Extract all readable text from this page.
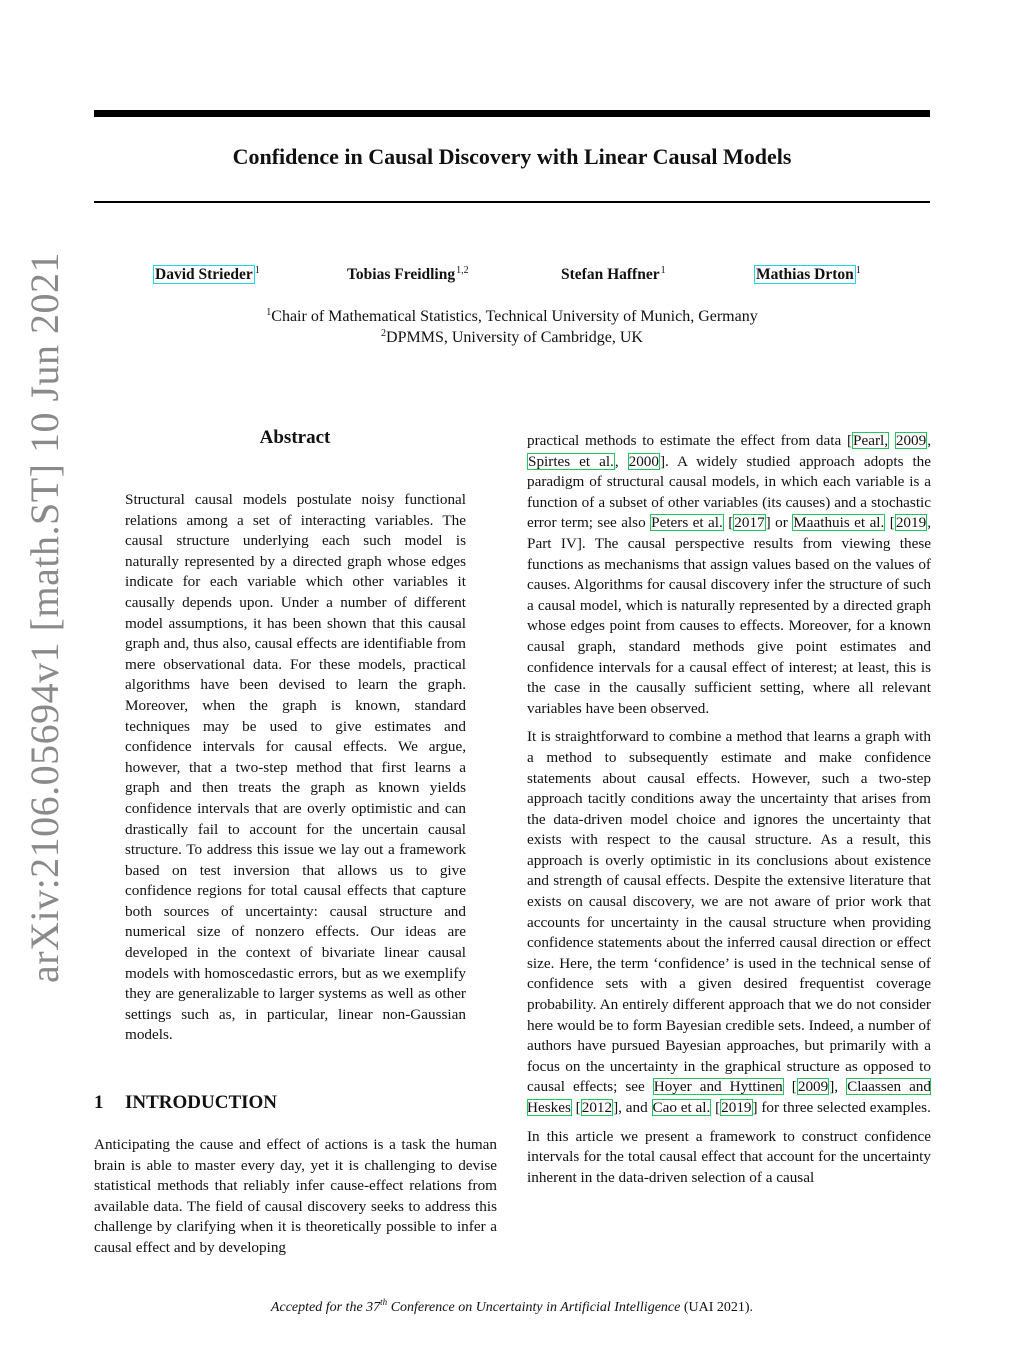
arXiv:2106.05694v1 [math.ST] 10 Jun 2021
Confidence in Causal Discovery with Linear Causal Models
David Strieder $^1$	Tobias Freidling$^{1,2}$	Stefan Haffner$^1$	Mathias Drton $^1$
$^1$Chair of Mathematical Statistics, Technical University of Munich, Germany
$^2$DPMMS, University of Cambridge, UK
Abstract
Structural causal models postulate noisy functional relations among a set of interacting variables. The causal structure underlying each such model is naturally represented by a directed graph whose edges indicate for each variable which other variables it causally depends upon. Under a number of different model assumptions, it has been shown that this causal graph and, thus also, causal effects are identifiable from mere observational data. For these models, practical algorithms have been devised to learn the graph. Moreover, when the graph is known, standard techniques may be used to give estimates and confidence intervals for causal effects. We argue, however, that a two-step method that first learns a graph and then treats the graph as known yields confidence intervals that are overly optimistic and can drastically fail to account for the uncertain causal structure. To address this issue we lay out a framework based on test inversion that allows us to give confidence regions for total causal effects that capture both sources of uncertainty: causal structure and numerical size of nonzero effects. Our ideas are developed in the context of bivariate linear causal models with homoscedastic errors, but as we exemplify they are generalizable to larger systems as well as other settings such as, in particular, linear non-Gaussian models.
1 INTRODUCTION
Anticipating the cause and effect of actions is a task the human brain is able to master every day, yet it is challenging to devise statistical methods that reliably infer cause-effect relations from available data. The field of causal discovery seeks to address this challenge by clarifying when it is theoretically possible to infer a causal effect and by developing

practical methods to estimate the effect from data [Pearl, 2009, Spirtes et al., 2000]. A widely studied approach adopts the paradigm of structural causal models, in which each variable is a function of a subset of other variables (its causes) and a stochastic error term; see also Peters et al. [2017] or Maathuis et al. [2019, Part IV]. The causal perspective results from viewing these functions as mechanisms that assign values based on the values of causes. Algorithms for causal discovery infer the structure of such a causal model, which is naturally represented by a directed graph whose edges point from causes to effects. Moreover, for a known causal graph, standard methods give point estimates and confidence intervals for a causal effect of interest; at least, this is the case in the causally sufficient setting, where all relevant variables have been observed.

It is straightforward to combine a method that learns a graph with a method to subsequently estimate and make confidence statements about causal effects. However, such a two-step approach tacitly conditions away the uncertainty that arises from the data-driven model choice and ignores the uncertainty that exists with respect to the causal structure. As a result, this approach is overly optimistic in its conclusions about existence and strength of causal effects. Despite the extensive literature that exists on causal discovery, we are not aware of prior work that accounts for uncertainty in the causal structure when providing confidence statements about the inferred causal direction or effect size. Here, the term ‘confidence’ is used in the technical sense of confidence sets with a given desired frequentist coverage probability. An entirely different approach that we do not consider here would be to form Bayesian credible sets. Indeed, a number of authors have pursued Bayesian approaches, but primarily with a focus on the uncertainty in the graphical structure as opposed to causal effects; see Hoyer and Hyttinen [2009], Claassen and Heskes [2012], and Cao et al. [2019] for three selected examples.

In this article we present a framework to construct confidence intervals for the total causal effect that account for the uncertainty inherent in the data-driven selection of a causal

Accepted for the 37th Conference on Uncertainty in Artificial Intelligence (UAI 2021).
